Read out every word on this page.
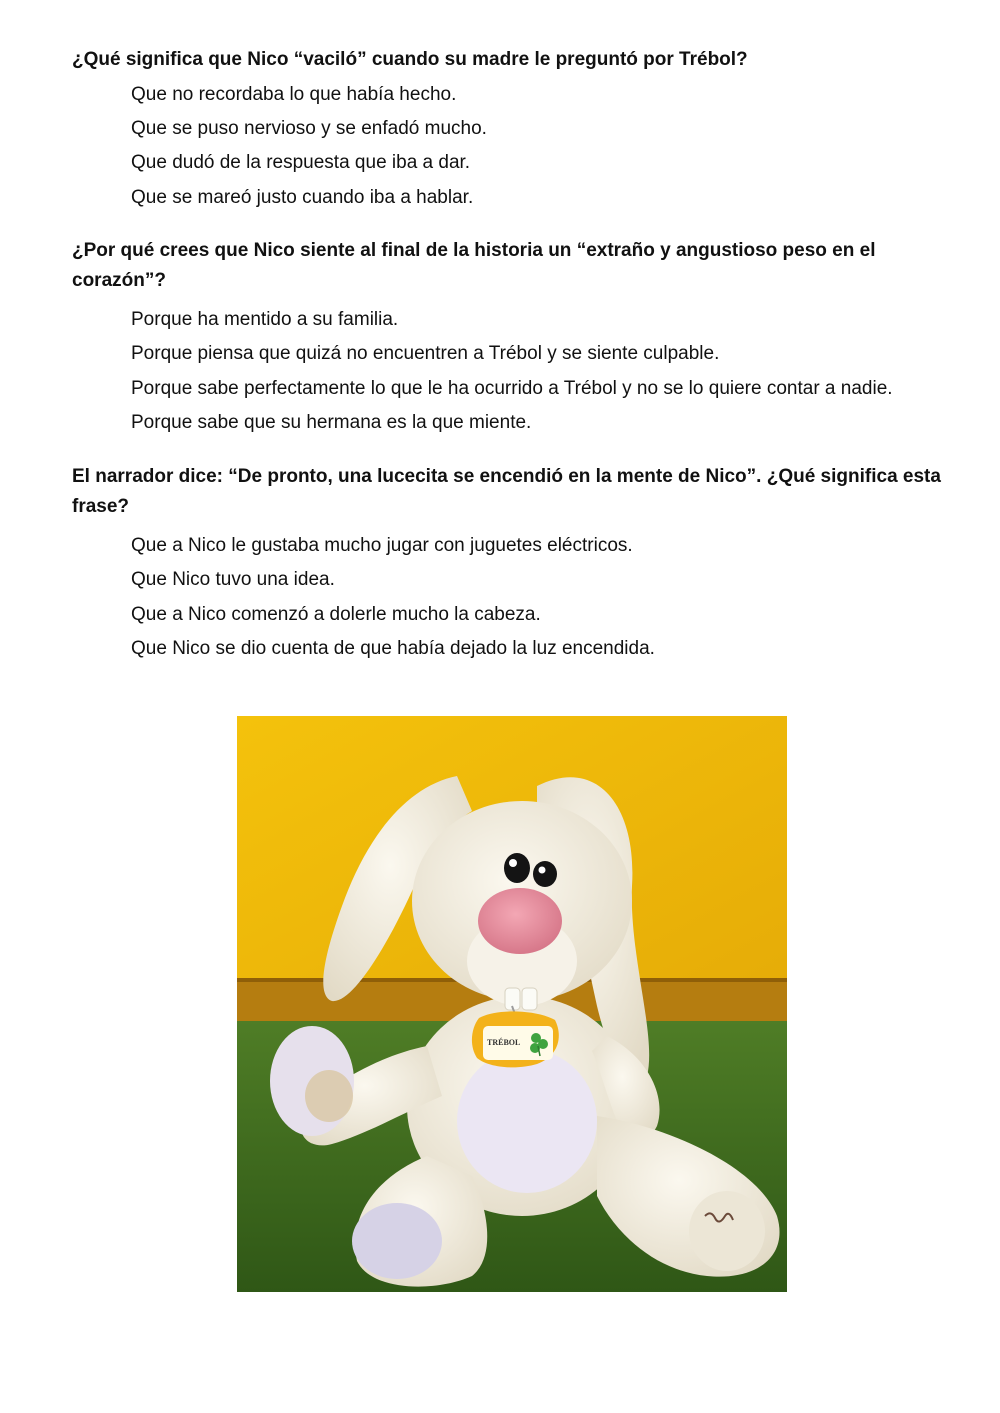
¿Qué significa que Nico “vaciló” cuando su madre le preguntó por Trébol?
Que no recordaba lo que había hecho.
Que se puso nervioso y se enfadó mucho.
Que dudó de la respuesta que iba a dar.
Que se mareó justo cuando iba a hablar.
¿Por qué crees que Nico siente al final de la historia un “extraño y angustioso peso en el corazón”?
Porque ha mentido a su familia.
Porque piensa que quizá no encuentren a Trébol y se siente culpable.
Porque sabe perfectamente lo que le ha ocurrido a Trébol y no se lo quiere contar a nadie.
Porque sabe que su hermana es la que miente.
El narrador dice: “De pronto, una lucecita se encendió en la mente de Nico”. ¿Qué significa esta frase?
Que a Nico le gustaba mucho jugar con juguetes eléctricos.
Que Nico tuvo una idea.
Que a Nico comenzó a dolerle mucho la cabeza.
Que Nico se dio cuenta de que había dejado la luz encendida.
TRÉBOL
